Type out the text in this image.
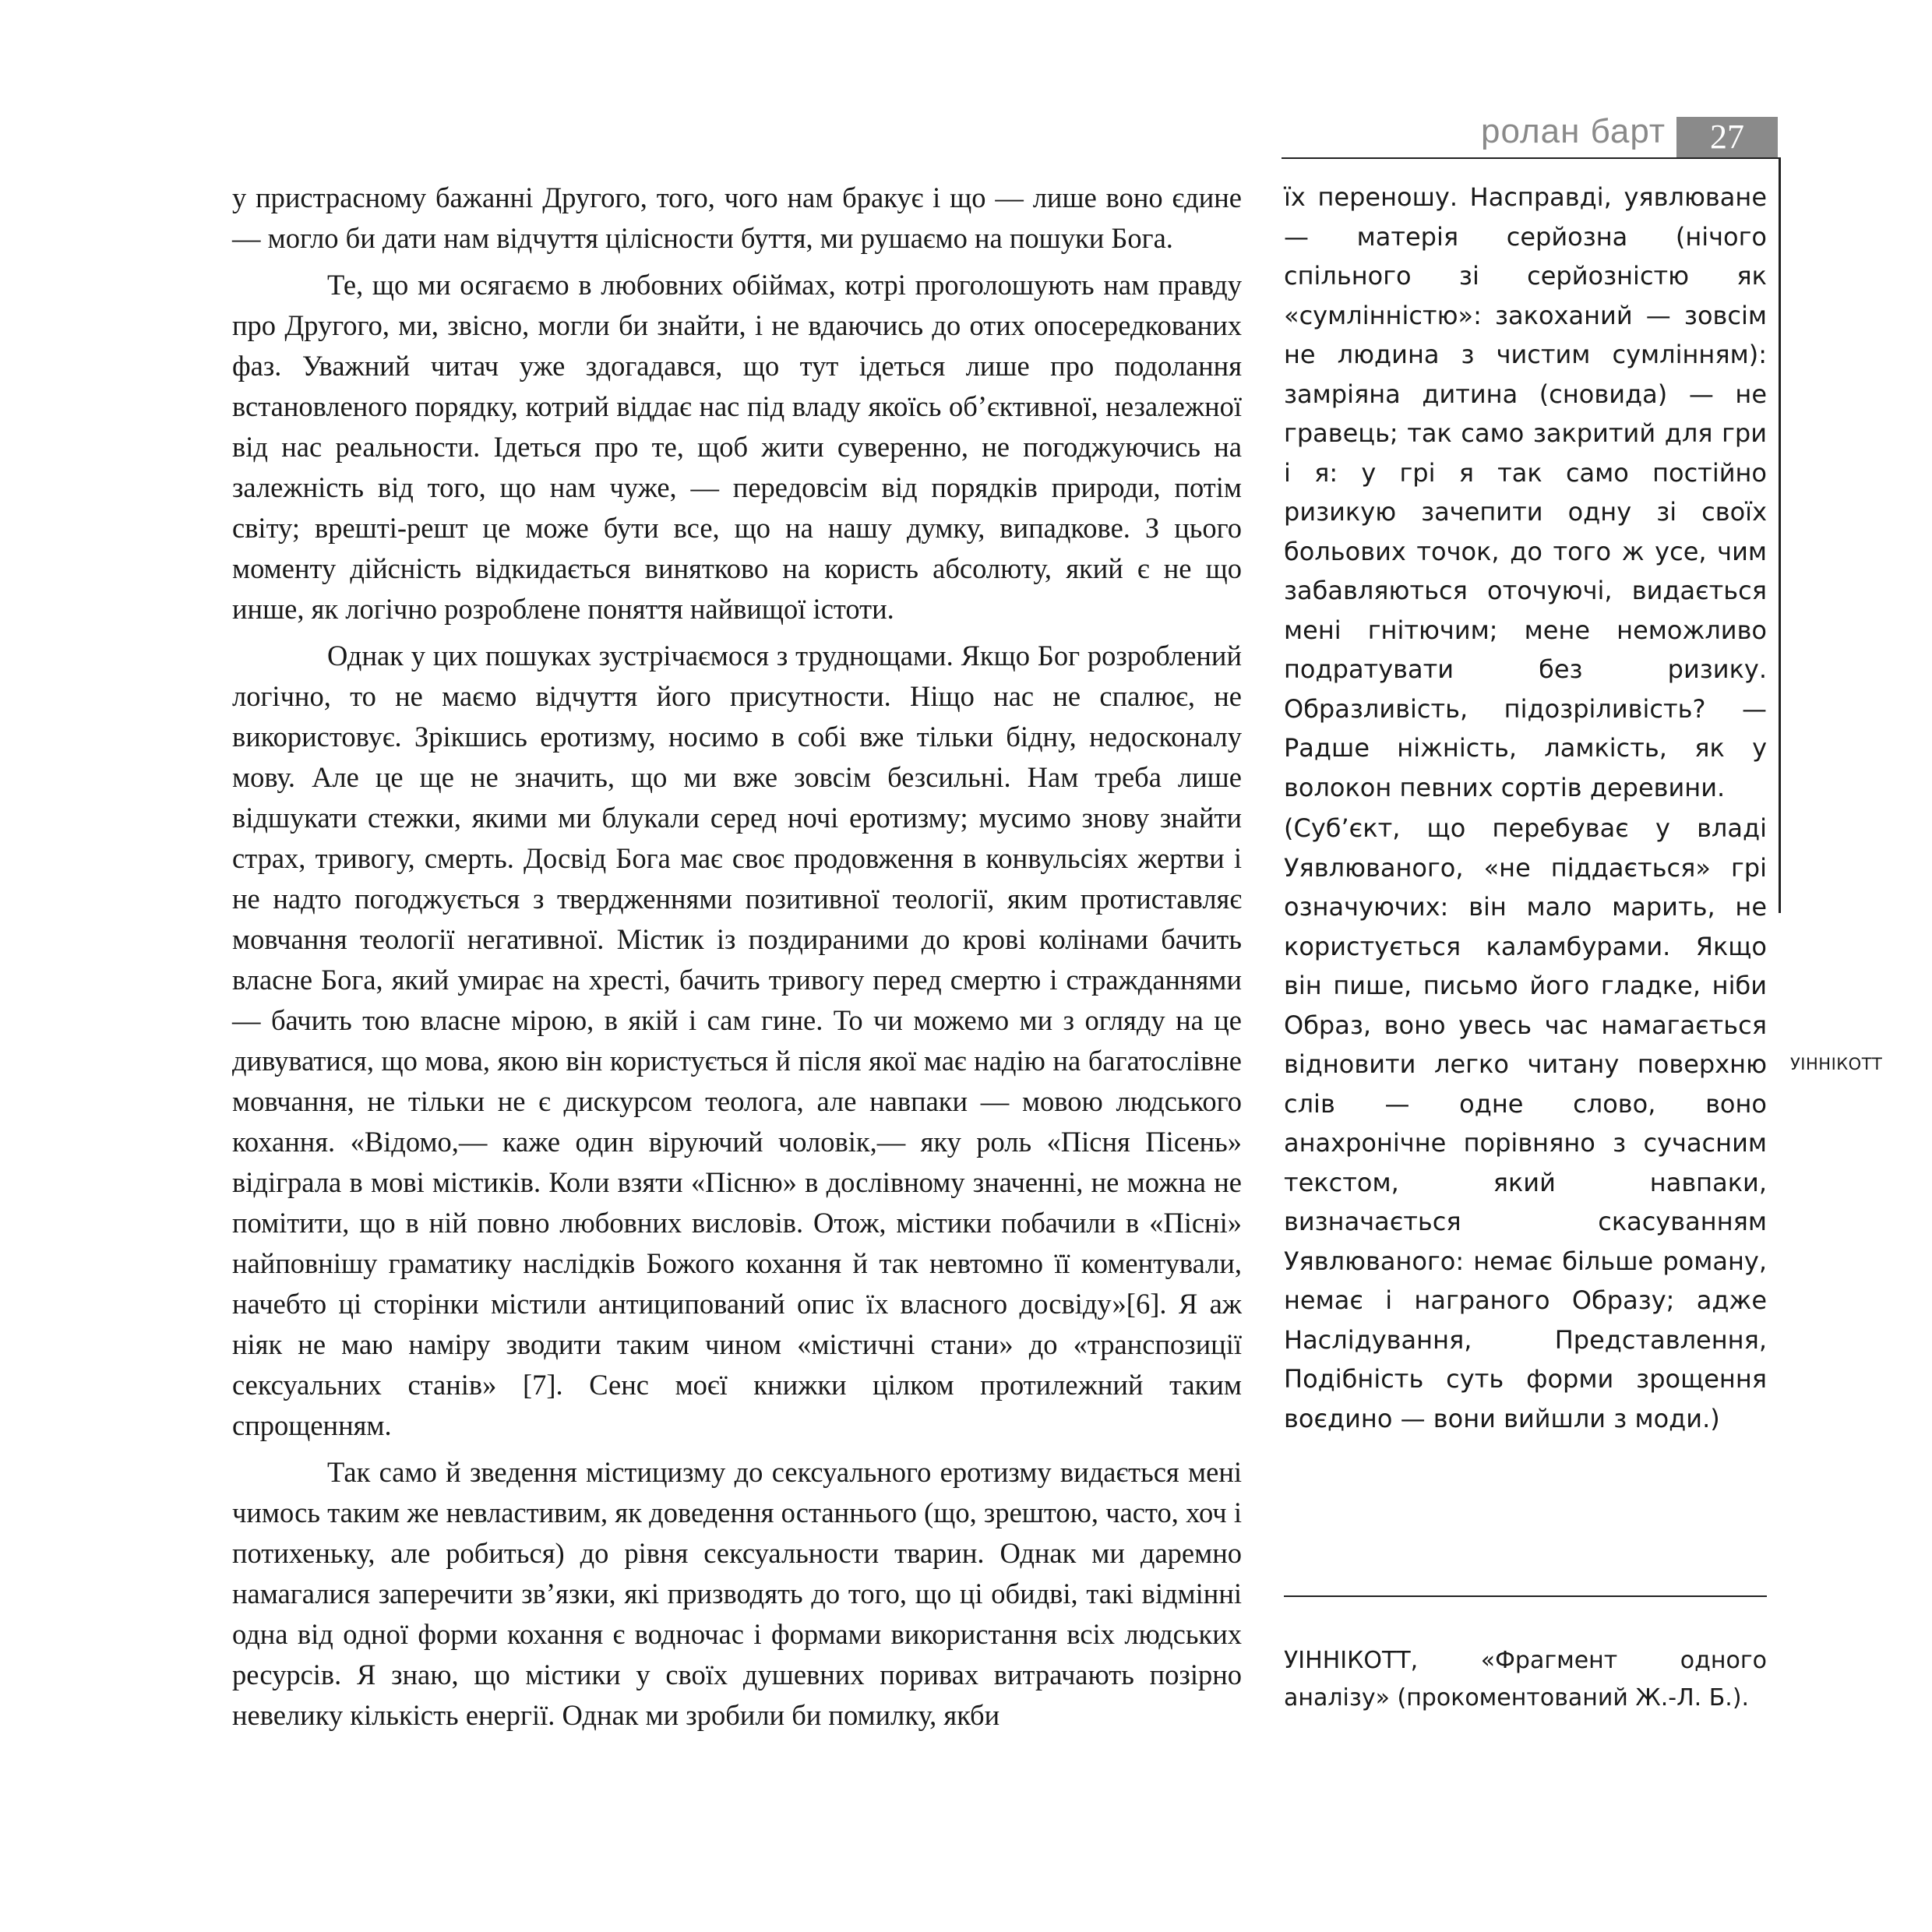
ролан барт	27

у пристрасному бажанні Другого, того, чого нам бракує і що — лише воно єдине — могло би дати нам відчуття цілісности буття, ми рушаємо на пошуки Бога.

Те, що ми осягаємо в любовних обіймах, котрі проголошують нам правду про Другого, ми, звісно, могли би знайти, і не вдаючись до отих опосередкованих фаз. Уважний читач уже здогадався, що тут ідеться лише про подолання встановленого порядку, котрий віддає нас під владу якоїсь об’єктивної, незалежної від нас реальности. Ідеться про те, щоб жити суверенно, не погоджуючись на залежність від того, що нам чуже, — передовсім від порядків природи, потім світу; врешті-решт це може бути все, що на нашу думку, випадкове. З цього моменту дійсність відкидається винятково на користь абсолюту, який є не що инше, як логічно розроблене поняття найвищої істоти.

Однак у цих пошуках зустрічаємося з труднощами. Якщо Бог розроблений логічно, то не маємо відчуття його присутности. Ніщо нас не спалює, не використовує. Зрікшись еротизму, носимо в собі вже тільки бідну, недосконалу мову. Але це ще не значить, що ми вже зовсім безсильні. Нам треба лише відшукати стежки, якими ми блукали серед ночі еротизму; мусимо знову знайти страх, тривогу, смерть. Досвід Бога має своє продовження в конвульсіях жертви і не надто погоджується з твердженнями позитивної теології, яким протиставляє мовчання теології негативної. Містик із поздираними до крові колінами бачить власне Бога, який умирає на хресті, бачить тривогу перед смертю і стражданнями — бачить тою власне мірою, в якій і сам гине. То чи можемо ми з огляду на це дивуватися, що мова, якою він користується й після якої має надію на багатослівне мовчання, не тільки не є дискурсом теолога, але навпаки — мовою людського кохання. «Відомо,— каже один віруючий чоловік,— яку роль «Пісня Пісень» відіграла в мові містиків. Коли взяти «Пісню» в дослівному значенні, не можна не помітити, що в ній повно любовних висловів. Отож, містики побачили в «Пісні» найповнішу граматику наслідків Божого кохання й так невтомно її коментували, начебто ці сторінки містили антиципований опис їх власного досвіду»[6]. Я аж ніяк не маю наміру зводити таким чином «містичні стани» до «транспозиції сексуальних станів» [7]. Сенс моєї книжки цілком протилежний таким спрощенням.

Так само й зведення містицизму до сексуального еротизму видається мені чимось таким же невластивим, як доведення останнього (що, зрештою, часто, хоч і потихеньку, але робиться) до рівня сексуальности тварин. Однак ми даремно намагалися заперечити зв’язки, які призводять до того, що ці обидві, такі відмінні одна від одної форми кохання є водночас і формами використання всіх людських ресурсів. Я знаю, що містики у своїх душевних поривах витрачають позірно невелику кількість енергії. Однак ми зробили би помилку, якби

їх переношу. Насправді, уявлюване — матерія серйозна (нічого спільного зі серйозністю як «сумлінністю»: закоханий — зовсім не людина з чистим сумлінням): замріяна дитина (сновида) — не гравець; так само закритий для гри і я: у грі я так само постійно ризикую зачепити одну зі своїх больових точок, до того ж усе, чим забавляються оточуючі, видається мені гнітючим; мене неможливо подратувати без ризику. Образливість, підозріливість? — Радше ніжність, ламкість, як у волокон певних сортів деревини.

(Суб’єкт, що перебуває у владі Уявлюваного, «не піддається» грі означуючих: він мало марить, не користується каламбурами. Якщо він пише, письмо його гладке, ніби Образ, воно увесь час намагається відновити легко читану поверхню слів — одне слово, воно анахронічне порівняно з сучасним текстом, який навпаки, визначається скасуванням Уявлюваного: немає більше роману, немає і награного Образу; адже Наслідування, Представлення, Подібність суть форми зрощення воєдино — вони вийшли з моди.)

УІННІКОТТ
УІННІКОТТ, «Фрагмент одного аналізу» (прокоментований Ж.-Л. Б.).
